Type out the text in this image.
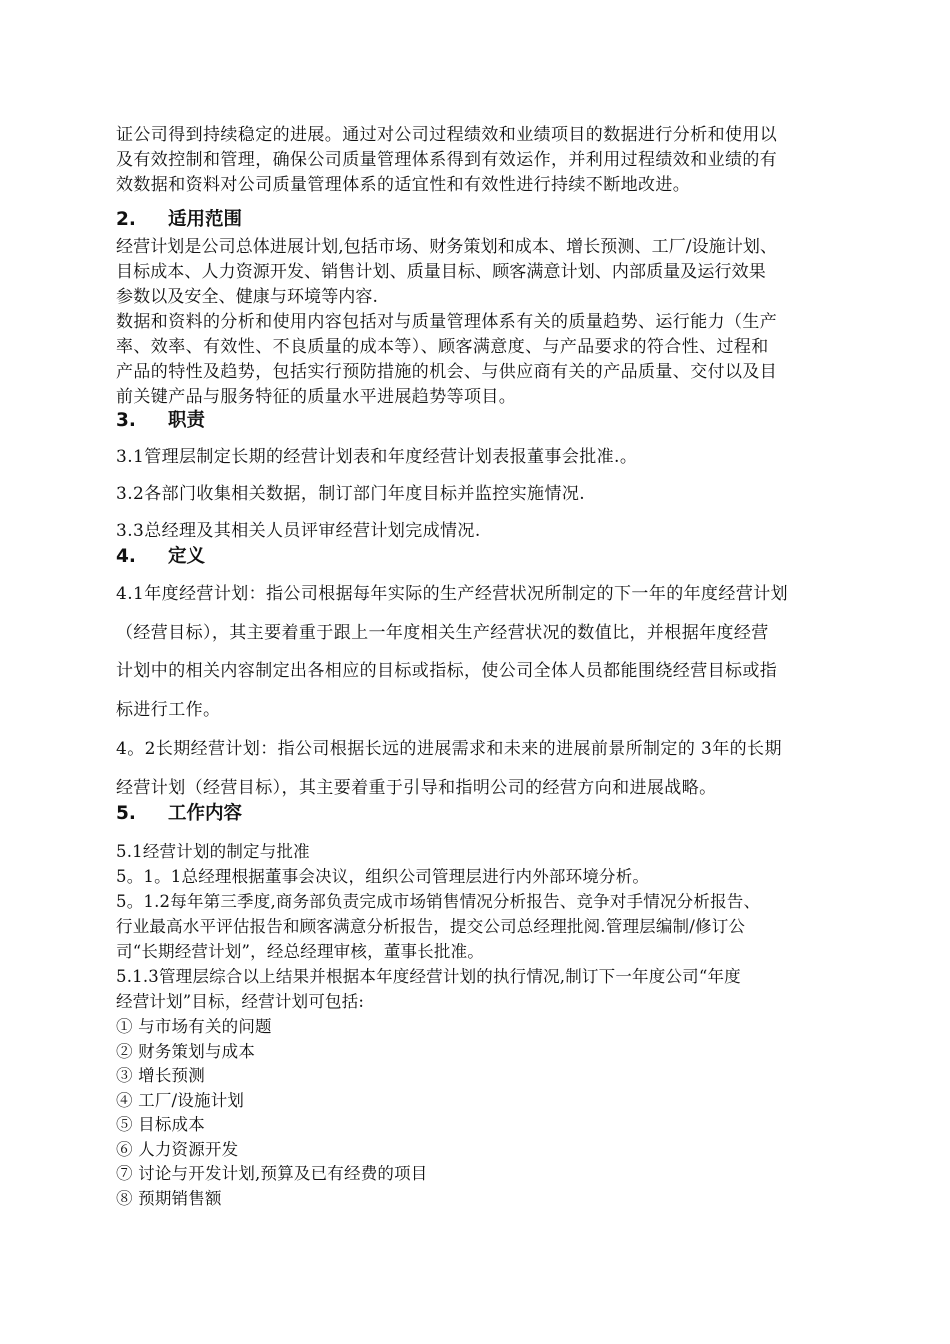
证公司得到持续稳定的进展。通过对公司过程绩效和业绩项目的数据进行分析和使用以
及有效控制和管理，确保公司质量管理体系得到有效运作，并利用过程绩效和业绩的有
效数据和资料对公司质量管理体系的适宜性和有效性进行持续不断地改进。
2. 适用范围
经营计划是公司总体进展计划,包括市场、财务策划和成本、增长预测、工厂/设施计划、
目标成本、人力资源开发、销售计划、质量目标、顾客满意计划、内部质量及运行效果
参数以及安全、健康与环境等内容.
数据和资料的分析和使用内容包括对与质量管理体系有关的质量趋势、运行能力（生产
率、效率、有效性、不良质量的成本等）、顾客满意度、与产品要求的符合性、过程和
产品的特性及趋势，包括实行预防措施的机会、与供应商有关的产品质量、交付以及目
前关键产品与服务特征的质量水平进展趋势等项目。
3. 职责
3.1管理层制定长期的经营计划表和年度经营计划表报董事会批准.。
3.2各部门收集相关数据，制订部门年度目标并监控实施情况.
3.3总经理及其相关人员评审经营计划完成情况.
4. 定义
4.1年度经营计划：指公司根据每年实际的生产经营状况所制定的下一年的年度经营计划
（经营目标），其主要着重于跟上一年度相关生产经营状况的数值比，并根据年度经营
计划中的相关内容制定出各相应的目标或指标，使公司全体人员都能围绕经营目标或指
标进行工作。
4。2长期经营计划：指公司根据长远的进展需求和未来的进展前景所制定的 3年的长期
经营计划（经营目标），其主要着重于引导和指明公司的经营方向和进展战略。
5. 工作内容
5.1经营计划的制定与批准
5。1。1总经理根据董事会决议，组织公司管理层进行内外部环境分析。
5。1.2每年第三季度,商务部负责完成市场销售情况分析报告、竞争对手情况分析报告、
行业最高水平评估报告和顾客满意分析报告，提交公司总经理批阅.管理层编制/修订公
司“长期经营计划”，经总经理审核，董事长批准。
5.1.3管理层综合以上结果并根据本年度经营计划的执行情况,制订下一年度公司“年度
经营计划”目标，经营计划可包括:
① 与市场有关的问题
② 财务策划与成本
③ 增长预测
④ 工厂/设施计划
⑤ 目标成本
⑥ 人力资源开发
⑦ 讨论与开发计划,预算及已有经费的项目
⑧ 预期销售额
